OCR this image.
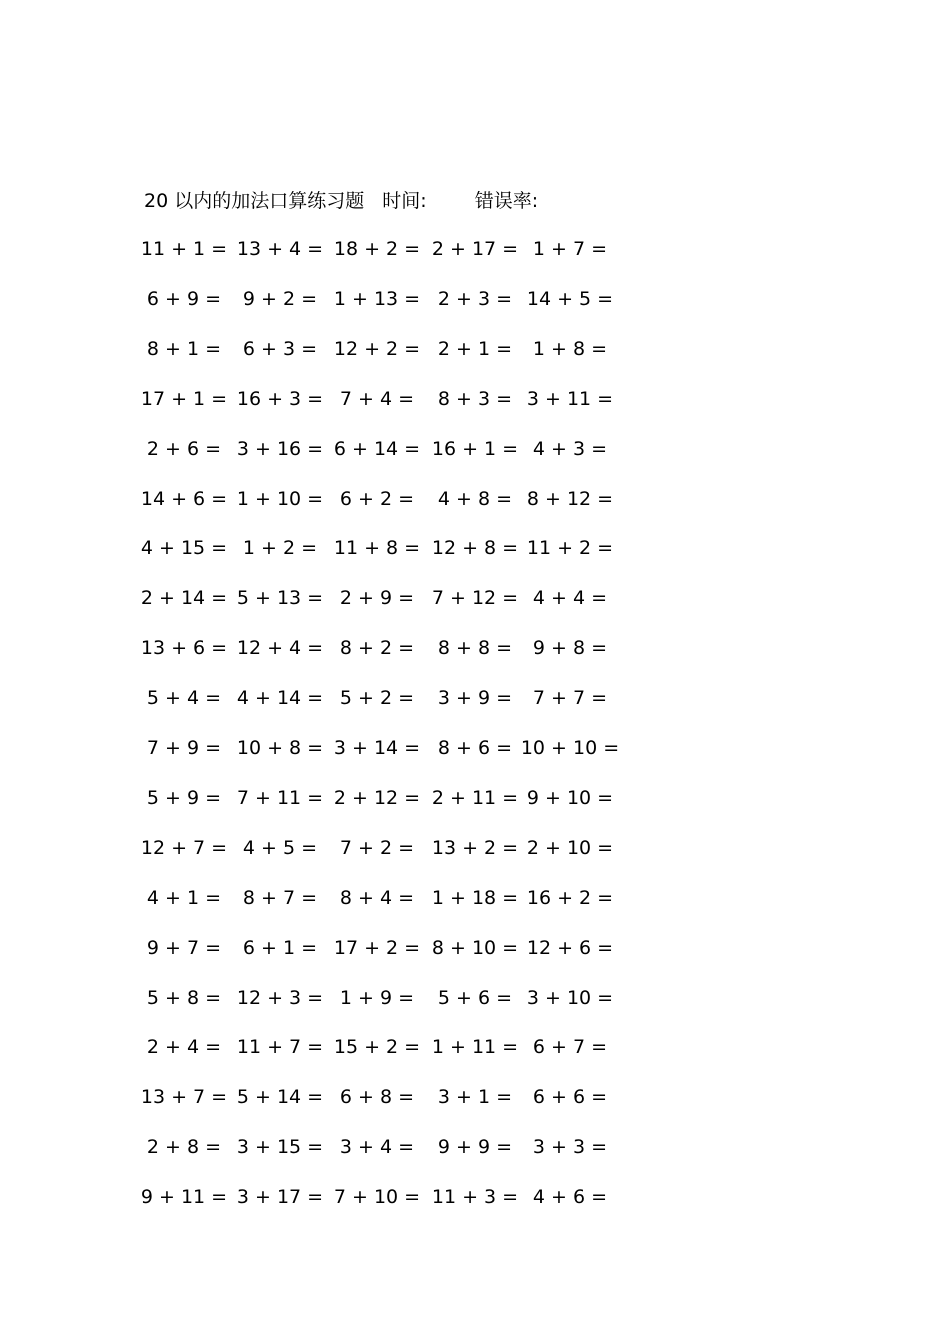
20 以内的加法口算练习题 时间:	错误率:
11 + 1 = 13 + 4 = 18 + 2 = 2 + 17 = 1 + 7 =
6 + 9 = 9 + 2 = 1 + 13 = 2 + 3 = 14 + 5 =
8 + 1 = 6 + 3 = 12 + 2 = 2 + 1 = 1 + 8 =
17 + 1 = 16 + 3 = 7 + 4 = 8 + 3 = 3 + 11 =
2 + 6 = 3 + 16 = 6 + 14 = 16 + 1 = 4 + 3 =
14 + 6 = 1 + 10 = 6 + 2 = 4 + 8 = 8 + 12 =
4 + 15 = 1 + 2 = 11 + 8 = 12 + 8 = 11 + 2 =
2 + 14 = 5 + 13 = 2 + 9 = 7 + 12 = 4 + 4 =
13 + 6 = 12 + 4 = 8 + 2 = 8 + 8 = 9 + 8 =
5 + 4 = 4 + 14 = 5 + 2 = 3 + 9 = 7 + 7 =
7 + 9 = 10 + 8 = 3 + 14 = 8 + 6 = 10 + 10 =
5 + 9 = 7 + 11 = 2 + 12 = 2 + 11 = 9 + 10 =
12 + 7 = 4 + 5 = 7 + 2 = 13 + 2 = 2 + 10 =
4 + 1 = 8 + 7 = 8 + 4 = 1 + 18 = 16 + 2 =
9 + 7 = 6 + 1 = 17 + 2 = 8 + 10 = 12 + 6 =
5 + 8 = 12 + 3 = 1 + 9 = 5 + 6 = 3 + 10 =
2 + 4 = 11 + 7 = 15 + 2 = 1 + 11 = 6 + 7 =
13 + 7 = 5 + 14 = 6 + 8 = 3 + 1 = 6 + 6 =
2 + 8 = 3 + 15 = 3 + 4 = 9 + 9 = 3 + 3 =
9 + 11 = 3 + 17 = 7 + 10 = 11 + 3 = 4 + 6 =
